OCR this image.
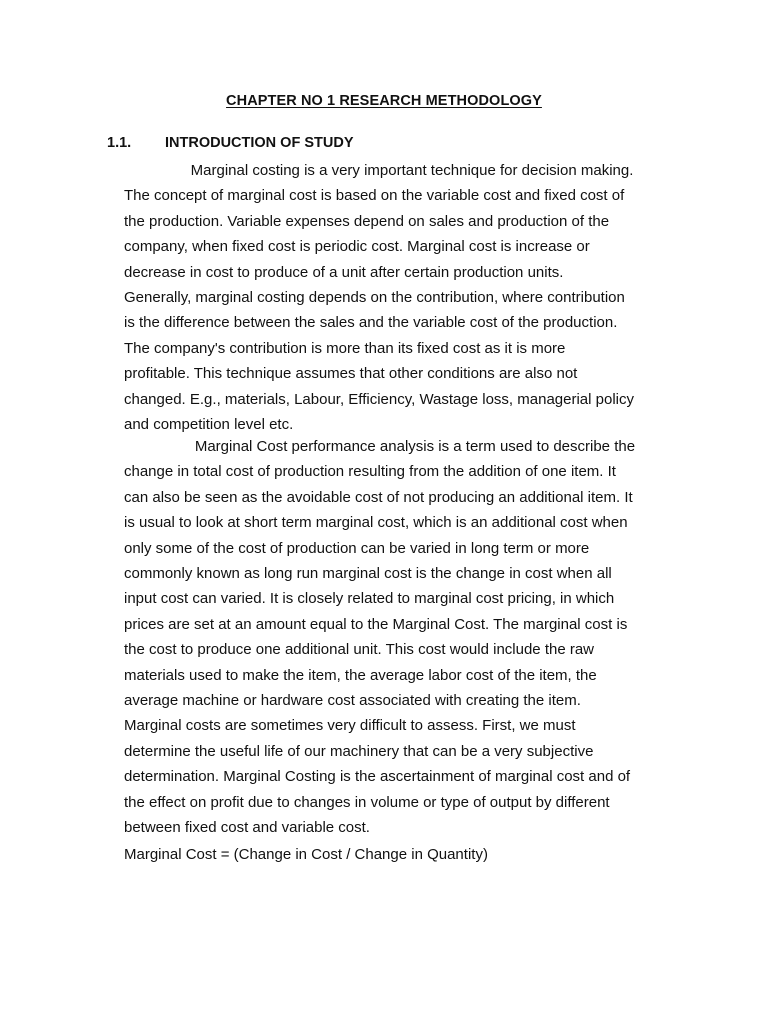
CHAPTER NO 1 RESEARCH METHODOLOGY
1.1. INTRODUCTION OF STUDY

Marginal costing is a very important technique for decision making.
The concept of marginal cost is based on the variable cost and fixed cost of
the production. Variable expenses depend on sales and production of the
company, when fixed cost is periodic cost. Marginal cost is increase or
decrease in cost to produce of a unit after certain production units.
Generally, marginal costing depends on the contribution, where contribution
is the difference between the sales and the variable cost of the production.
The company's contribution is more than its fixed cost as it is more
profitable. This technique assumes that other conditions are also not
changed. E.g., materials, Labour, Efficiency, Wastage loss, managerial policy
and competition level etc.

Marginal Cost performance analysis is a term used to describe the
change in total cost of production resulting from the addition of one item. It
can also be seen as the avoidable cost of not producing an additional item. It
is usual to look at short term marginal cost, which is an additional cost when
only some of the cost of production can be varied in long term or more
commonly known as long run marginal cost is the change in cost when all
input cost can varied. It is closely related to marginal cost pricing, in which
prices are set at an amount equal to the Marginal Cost. The marginal cost is
the cost to produce one additional unit. This cost would include the raw
materials used to make the item, the average labor cost of the item, the
average machine or hardware cost associated with creating the item.
Marginal costs are sometimes very difficult to assess. First, we must
determine the useful life of our machinery that can be a very subjective
determination. Marginal Costing is the ascertainment of marginal cost and of
the effect on profit due to changes in volume or type of output by different
between fixed cost and variable cost.

Marginal Cost = (Change in Cost / Change in Quantity)
